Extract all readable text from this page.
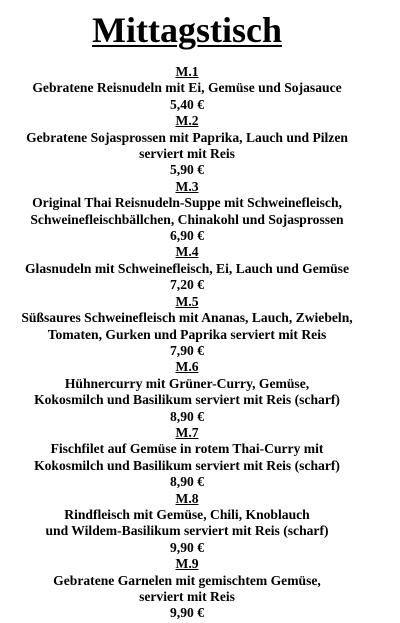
Mittagstisch
M.1
Gebratene Reisnudeln mit Ei, Gemüse und Sojasauce
5,40 €
M.2
Gebratene Sojasprossen mit Paprika, Lauch und Pilzen
serviert mit Reis
5,90 €
M.3
Original Thai Reisnudeln-Suppe mit Schweinefleisch,
Schweinefleischbällchen, Chinakohl und Sojasprossen
6,90 €
M.4
Glasnudeln mit Schweinefleisch, Ei, Lauch und Gemüse
7,20 €
M.5
Süßsaures Schweinefleisch mit Ananas, Lauch, Zwiebeln,
Tomaten, Gurken und Paprika serviert mit Reis
7,90 €
M.6
Hühnercurry mit Grüner-Curry, Gemüse,
Kokosmilch und Basilikum serviert mit Reis (scharf)
8,90 €
M.7
Fischfilet auf Gemüse in rotem Thai-Curry mit
Kokosmilch und Basilikum serviert mit Reis (scharf)
8,90 €
M.8
Rindfleisch mit Gemüse, Chili, Knoblauch
und Wildem-Basilikum serviert mit Reis (scharf)
9,90 €
M.9
Gebratene Garnelen mit gemischtem Gemüse,
serviert mit Reis
9,90 €
